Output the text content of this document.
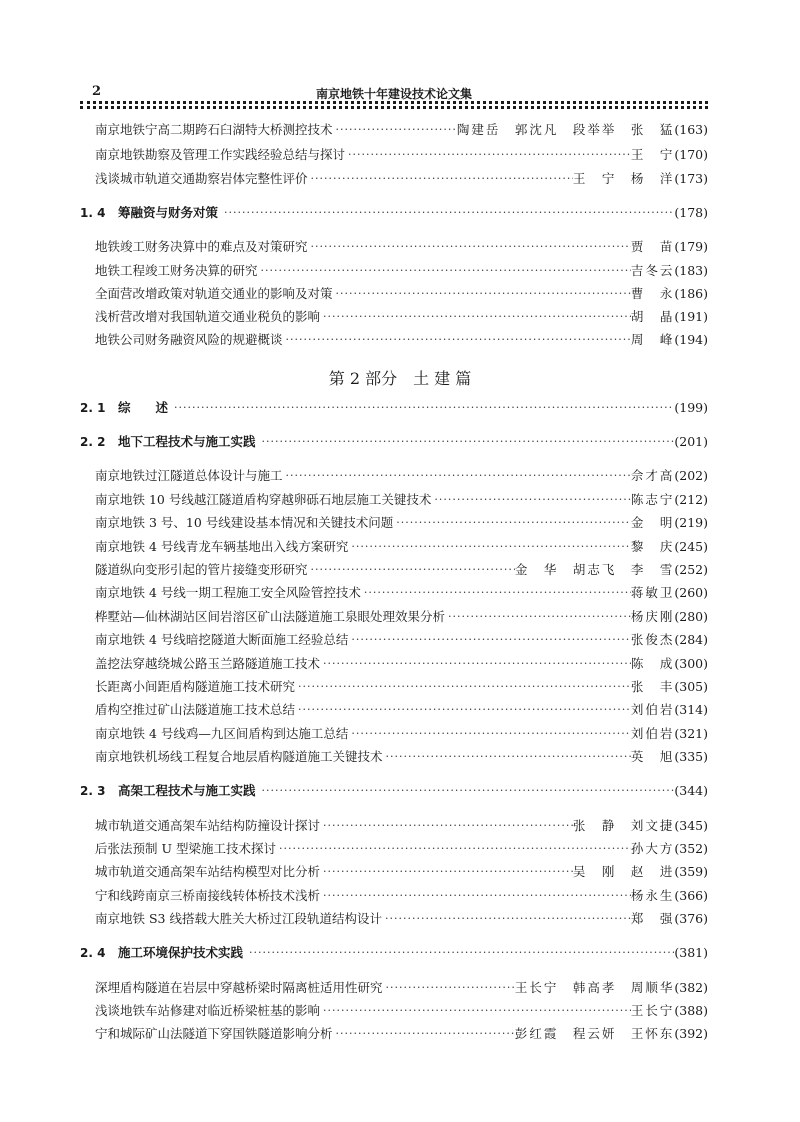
2	南京地铁十年建设技术论文集
南京地铁宁高二期跨石臼湖特大桥测控技术 ·····	陶建岳　郭沈凡　段举举　张　猛 (163)
南京地铁勘察及管理工作实践经验总结与探讨 ·····	王　宁 (170)
浅谈城市轨道交通勘察岩体完整性评价 ·····	王　宁　杨　洋 (173)
1. 4	筹融资与财务对策 ·····	(178)
地铁竣工财务决算中的难点及对策研究 ·····	贾　苗 (179)
地铁工程竣工财务决算的研究 ·····	吉冬云 (183)
全面营改增政策对轨道交通业的影响及对策 ·····	曹　永 (186)
浅析营改增对我国轨道交通业税负的影响 ·····	胡　晶 (191)
地铁公司财务融资风险的规避概谈 ·····	周　峰 (194)
第 2 部分　土 建 篇
2. 1	综　　述 ·····	(199)
2. 2	地下工程技术与施工实践 ·····	(201)
南京地铁过江隧道总体设计与施工 ·····	佘才高 (202)
南京地铁 10 号线越江隧道盾构穿越卵砾石地层施工关键技术 ·····	陈志宁 (212)
南京地铁 3 号、10 号线建设基本情况和关键技术问题 ·····	金　明 (219)
南京地铁 4 号线青龙车辆基地出入线方案研究 ·····	黎　庆 (245)
隧道纵向变形引起的管片接缝变形研究 ·····	金　华　胡志飞　李　雪 (252)
南京地铁 4 号线一期工程施工安全风险管控技术 ·····	蒋敏卫 (260)
桦墅站—仙林湖站区间岩溶区矿山法隧道施工泉眼处理效果分析 ·····	杨庆刚 (280)
南京地铁 4 号线暗挖隧道大断面施工经验总结 ·····	张俊杰 (284)
盖挖法穿越绕城公路玉兰路隧道施工技术 ·····	陈　成 (300)
长距离小间距盾构隧道施工技术研究 ·····	张　丰 (305)
盾构空推过矿山法隧道施工技术总结 ·····	刘伯岩 (314)
南京地铁 4 号线鸡—九区间盾构到达施工总结 ·····	刘伯岩 (321)
南京地铁机场线工程复合地层盾构隧道施工关键技术 ·····	英　旭 (335)
2. 3	高架工程技术与施工实践 ·····	(344)
城市轨道交通高架车站结构防撞设计探讨 ·····	张　静　刘文捷 (345)
后张法预制 U 型梁施工技术探讨 ·····	孙大方 (352)
城市轨道交通高架车站结构模型对比分析 ·····	吴　刚　赵　进 (359)
宁和线跨南京三桥南接线转体桥技术浅析 ·····	杨永生 (366)
南京地铁 S3 线搭载大胜关大桥过江段轨道结构设计 ·····	郑　强 (376)
2. 4	施工环境保护技术实践 ·····	(381)
深埋盾构隧道在岩层中穿越桥梁时隔离桩适用性研究 ·····	王长宁　韩高孝　周顺华 (382)
浅谈地铁车站修建对临近桥梁桩基的影响 ·····	王长宁 (388)
宁和城际矿山法隧道下穿国铁隧道影响分析 ·····	彭红霞　程云妍　王怀东 (392)
